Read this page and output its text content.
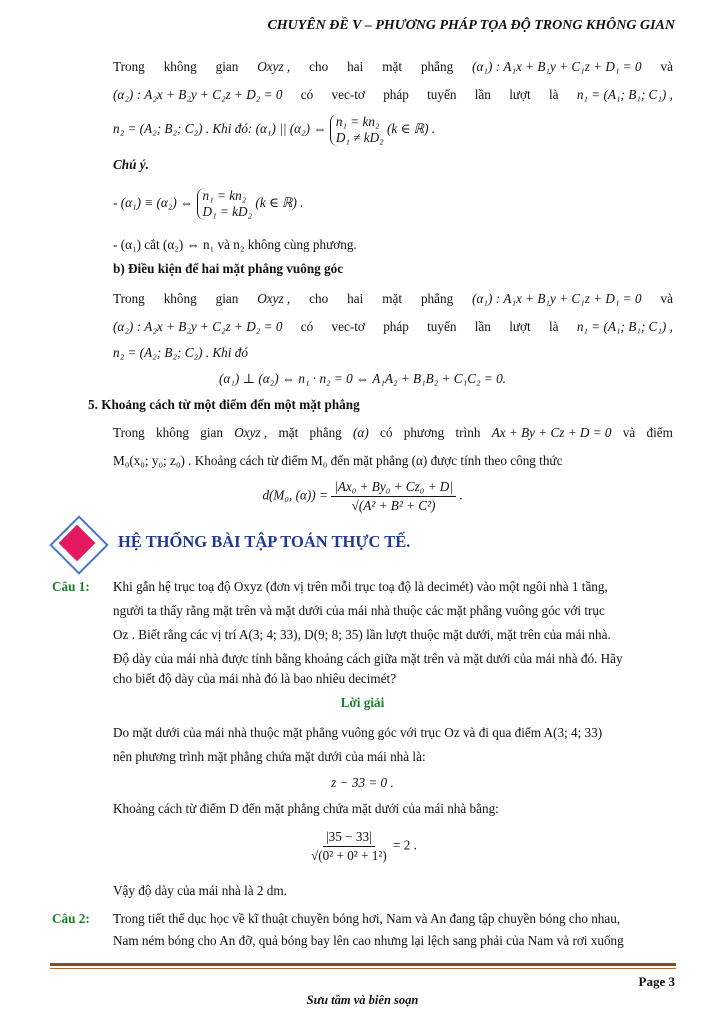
CHUYÊN ĐỀ V – PHƯƠNG PHÁP TỌA ĐỘ TRONG KHÔNG GIAN
Trong không gian Oxyz , cho hai mặt phẳng (α₁) : A₁x + B₁y + C₁z + D₁ = 0 và
(α₂) : A₂x + B₂y + C₂z + D₂ = 0 có vec-tơ pháp tuyến lần lượt là n₁ = (A₁; B₁; C₁) ,
n₂ = (A₂; B₂; C₂) . Khi đó: (α₁) || (α₂) ⇔ n₁ = kn₂
D₁ ≠ kD₂
(k ∈ ℝ) .
Chú ý.
- (α₁) ≡ (α₂) ⇔ n₁ = kn₂
D₁ = kD₂
(k ∈ ℝ) .
- (α₁) cắt (α₂) ⇔ n₁ và n₂ không cùng phương.
b) Điều kiện để hai mặt phẳng vuông góc
Trong không gian Oxyz , cho hai mặt phẳng (α₁) : A₁x + B₁y + C₁z + D₁ = 0 và
(α₂) : A₂x + B₂y + C₂z + D₂ = 0 có vec-tơ pháp tuyến lần lượt là n₁ = (A₁; B₁; C₁) ,
n₂ = (A₂; B₂; C₂) . Khi đó
(α₁) ⊥ (α₂) ⇔ n₁ · n₂ = 0 ⇔ A₁A₂ + B₁B₂ + C₁C₂ = 0.
5. Khoảng cách từ một điểm đến một mặt phẳng
Trong không gian Oxyz , mặt phẳng (α) có phương trình Ax + By + Cz + D = 0 và điểm
M₀(x₀; y₀; z₀) . Khoảng cách từ điểm M₀ đến mặt phẳng (α) được tính theo công thức
d(M₀, $(\alpha)) = \frac{\text{|Ax₀ + By₀ + Cz₀ + D|}}{\text{√(A² + B² + C²)}}$ .
HỆ THỐNG BÀI TẬP TOÁN THỰC TẾ.
Câu 1:	Khi gắn hệ trục toạ độ Oxyz (đơn vị trên mỗi trục toạ độ là decimét) vào một ngôi nhà 1 tầng,
người ta thấy rằng mặt trên và mặt dưới của mái nhà thuộc các mặt phẳng vuông góc với trục
Oz . Biết rằng các vị trí A(3; 4; 33), D(9; 8; 35) lần lượt thuộc mặt dưới, mặt trên của mái nhà.
Độ dày của mái nhà được tính bằng khoảng cách giữa mặt trên và mặt dưới của mái nhà đó. Hãy
cho biết độ dày của mái nhà đó là bao nhiêu decimét?
Lời giải
Do mặt dưới của mái nhà thuộc mặt phẳng vuông góc với trục Oz và đi qua điểm A(3; 4; 33)
nên phương trình mặt phẳng chứa mặt dưới của mái nhà là:
z − 33 = 0 .
Khoảng cách từ điểm D đến mặt phẳng chứa mặt dưới của mái nhà bằng:
$\frac{|35 - 33|}{\text{√(0² + 0² + 1²)}} = 2$ .
Vậy độ dày của mái nhà là 2 dm.
Câu 2:	Trong tiết thể dục học về kĩ thuật chuyền bóng hơi, Nam và An đang tập chuyền bóng cho nhau,
Nam ném bóng cho An đỡ, quả bóng bay lên cao nhưng lại lệch sang phải của Nam và rơi xuống
Page 3
Sưu tầm và biên soạn
